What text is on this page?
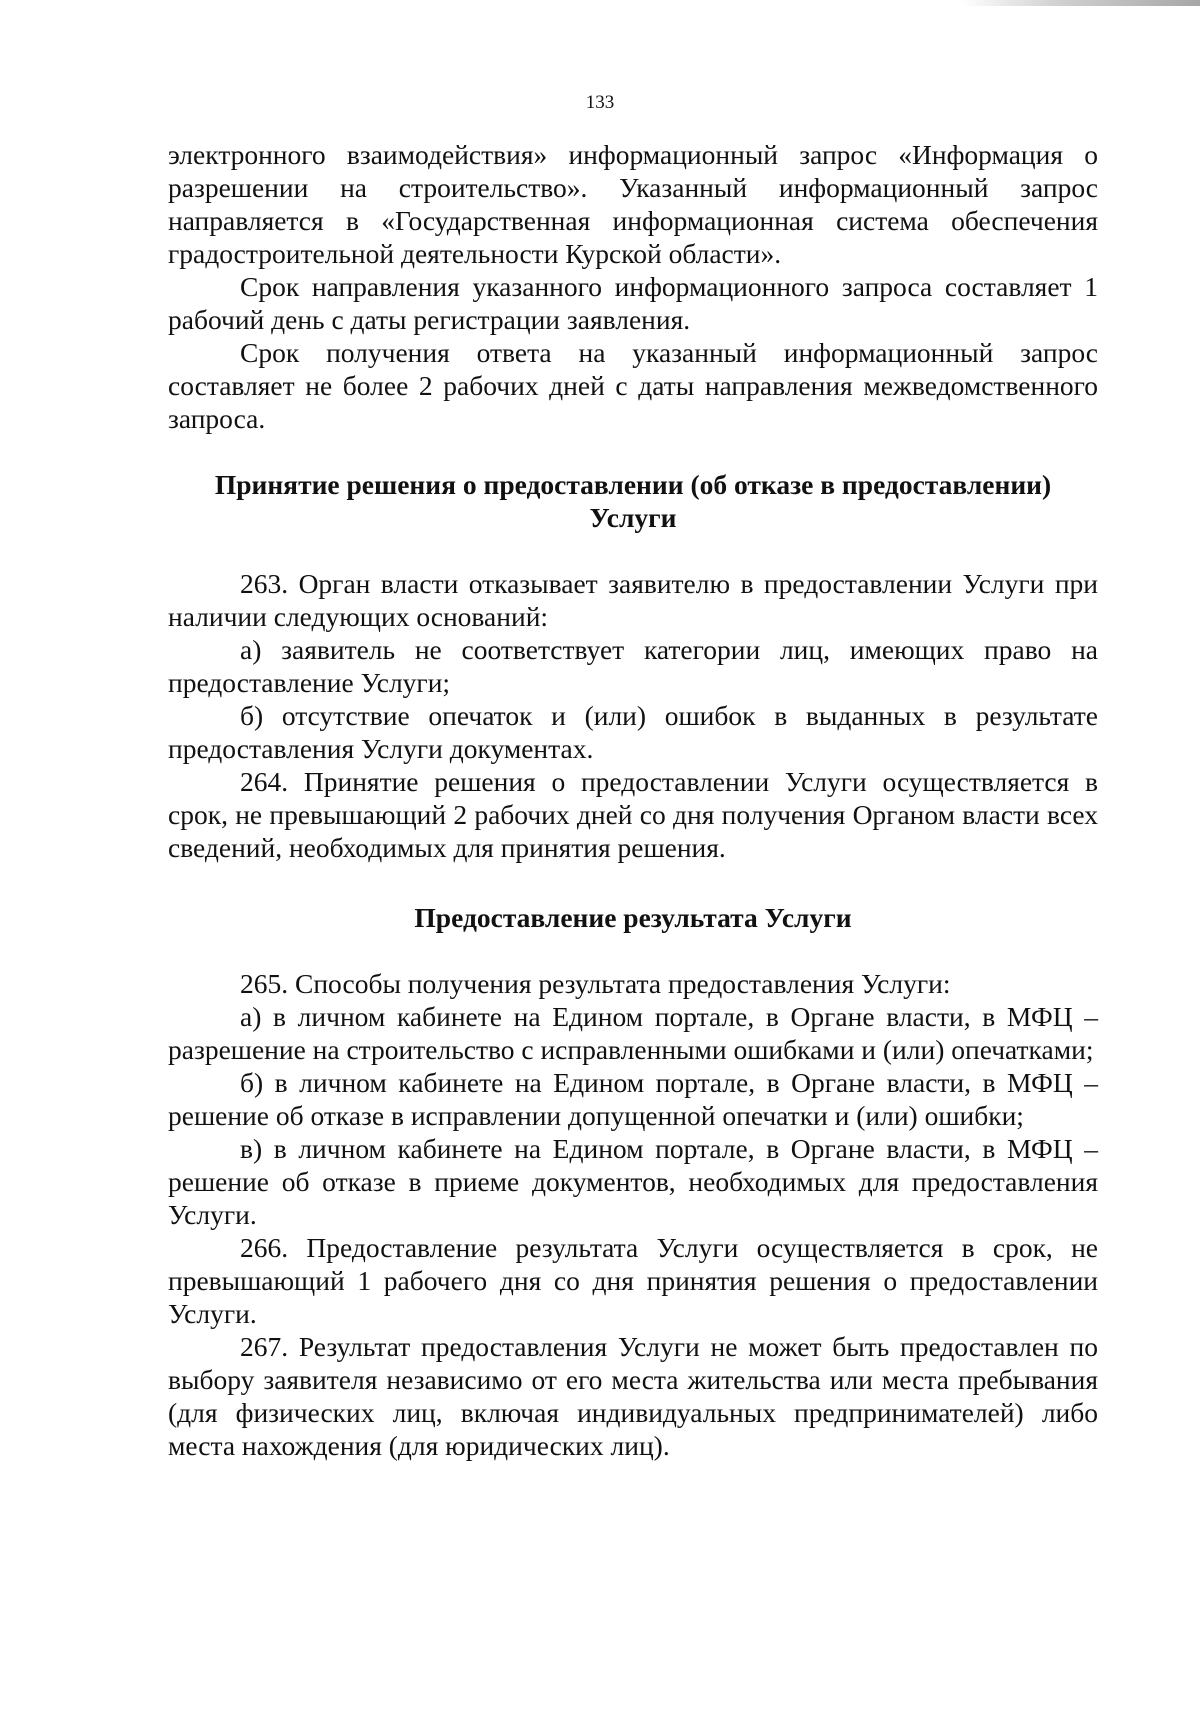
133

электронного взаимодействия» информационный запрос «Информация о разрешении на строительство». Указанный информационный запрос направляется в «Государственная информационная система обеспечения градостроительной деятельности Курской области».

Срок направления указанного информационного запроса составляет 1 рабочий день с даты регистрации заявления.

Срок получения ответа на указанный информационный запрос составляет не более 2 рабочих дней с даты направления межведомственного запроса.

Принятие решения о предоставлении (об отказе в предоставлении)

Услуги

263. Орган власти отказывает заявителю в предоставлении Услуги при наличии следующих оснований:

а) заявитель не соответствует категории лиц, имеющих право на предоставление Услуги;

б) отсутствие опечаток и (или) ошибок в выданных в результате предоставления Услуги документах.

264. Принятие решения о предоставлении Услуги осуществляется в срок, не превышающий 2 рабочих дней со дня получения Органом власти всех сведений, необходимых для принятия решения.

Предоставление результата Услуги

265. Способы получения результата предоставления Услуги:

а) в личном кабинете на Едином портале, в Органе власти, в МФЦ – разрешение на строительство с исправленными ошибками и (или) опечатками;

б) в личном кабинете на Едином портале, в Органе власти, в МФЦ – решение об отказе в исправлении допущенной опечатки и (или) ошибки;

в) в личном кабинете на Едином портале, в Органе власти, в МФЦ – решение об отказе в приеме документов, необходимых для предоставления Услуги.

266. Предоставление результата Услуги осуществляется в срок, не превышающий 1 рабочего дня со дня принятия решения о предоставлении Услуги.

267. Результат предоставления Услуги не может быть предоставлен по выбору заявителя независимо от его места жительства или места пребывания (для физических лиц, включая индивидуальных предпринимателей) либо места нахождения (для юридических лиц).
